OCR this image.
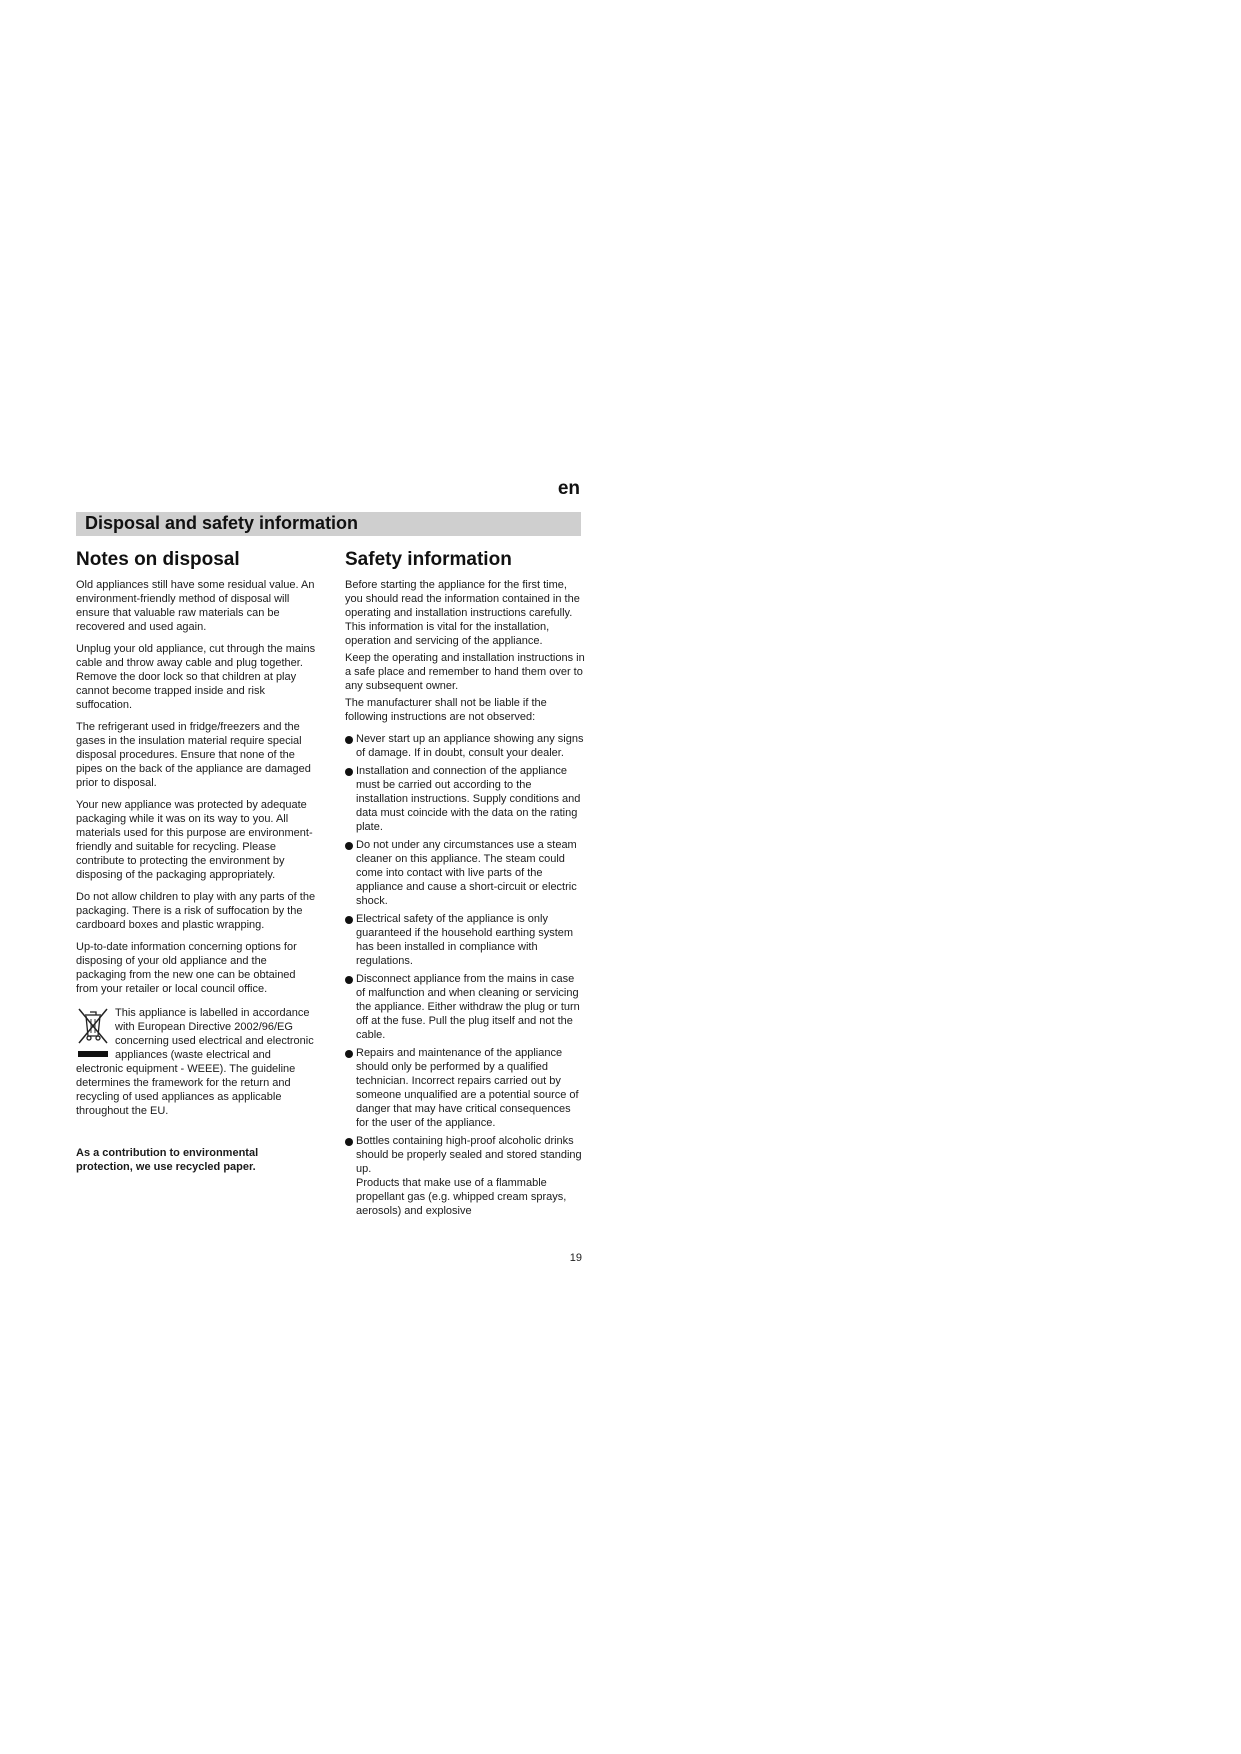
en
Disposal and safety information
Notes on disposal

Old appliances still have some residual value. An environment-friendly method of disposal will ensure that valuable raw materials can be recovered and used again.

Unplug your old appliance, cut through the mains cable and throw away cable and plug together.

Remove the door lock so that children at play cannot become trapped inside and risk suffocation.

The refrigerant used in fridge/freezers and the gases in the insulation material require special disposal procedures. Ensure that none of the pipes on the back of the appliance are damaged prior to disposal.

Your new appliance was protected by adequate packaging while it was on its way to you. All materials used for this purpose are environment-friendly and suitable for recycling. Please contribute to protecting the environment by disposing of the packaging appropriately.

Do not allow children to play with any parts of the packaging. There is a risk of suffocation by the cardboard boxes and plastic wrapping.

Up-to-date information concerning options for disposing of your old appliance and the packaging from the new one can be obtained from your retailer or local council office.

This appliance is labelled in accordance with European Directive 2002/96/EG concerning used electrical and electronic appliances (waste electrical and electronic equipment - WEEE). The guideline determines the framework for the return and recycling of used appliances as applicable throughout the EU.
As a contribution to environmental protection, we use recycled paper.
Safety information

Before starting the appliance for the first time, you should read the information contained in the operating and installation instructions carefully. This information is vital for the installation, operation and servicing of the appliance.

Keep the operating and installation instructions in a safe place and remember to hand them over to any subsequent owner.

The manufacturer shall not be liable if the following instructions are not observed:

Never start up an appliance showing any signs of damage. If in doubt, consult your dealer.
Installation and connection of the appliance must be carried out according to the installation instructions. Supply conditions and data must coincide with the data on the rating plate.
Do not under any circumstances use a steam cleaner on this appliance. The steam could come into contact with live parts of the appliance and cause a short-circuit or electric shock.
Electrical safety of the appliance is only guaranteed if the household earthing system has been installed in compliance with regulations.
Disconnect appliance from the mains in case of malfunction and when cleaning or servicing the appliance. Either withdraw the plug or turn off at the fuse. Pull the plug itself and not the cable.
Repairs and maintenance of the appliance should only be performed by a qualified technician. Incorrect repairs carried out by someone unqualified are a potential source of danger that may have critical consequences for the user of the appliance.
Bottles containing high-proof alcoholic drinks should be properly sealed and stored standing up.
Products that make use of a flammable propellant gas (e.g. whipped cream sprays, aerosols) and explosive
19
